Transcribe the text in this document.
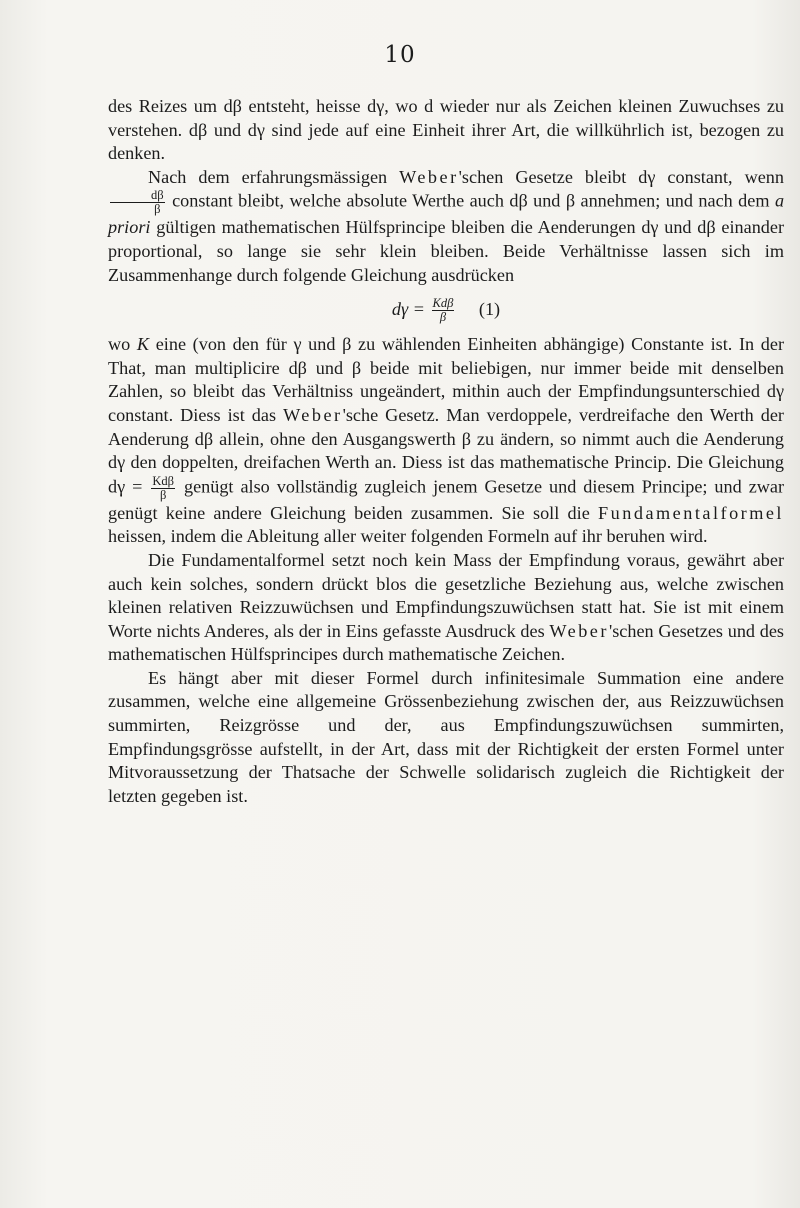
10

des Reizes um dβ entsteht, heisse dγ, wo d wieder nur als Zeichen kleinen Zuwuchses zu verstehen. dβ und dγ sind jede auf eine Einheit ihrer Art, die willkührlich ist, bezogen zu denken.

Nach dem erfahrungsmässigen Weber'schen Gesetze bleibt dγ constant, wenn
$\frac{d\beta}{\beta}$ constant bleibt, welche absolute Werthe auch dβ und β annehmen; und nach dem a priori gültigen mathematischen Hülfsprincipe bleiben die Aenderungen dγ und dβ einander proportional, so lange sie sehr klein bleiben. Beide Verhältnisse lassen sich im Zusammenhange durch folgende Gleichung ausdrücken

$d\gamma = \frac{\text{Kdβ}}{\beta} (1)$

wo K eine (von den für γ und β zu wählenden Einheiten abhängige) Constante ist. In der That, man multiplicire dβ und β beide mit beliebigen, nur immer beide mit denselben Zahlen, so bleibt das Verhältniss ungeändert, mithin auch der Empfindungsunterschied dγ constant. Diess ist das Weber'sche Gesetz. Man verdoppele, verdreifache den Werth der Aenderung dβ allein, ohne den Ausgangswerth β zu ändern, so nimmt auch die Aenderung dγ den doppelten, dreifachen Werth an. Diess ist das mathematische Princip. Die Gleichung $d\gamma = \frac{\text{Kdβ}}{\beta}$ genügt also vollständig zugleich jenem Gesetze und diesem Principe; und zwar genügt keine andere Gleichung beiden zusammen. Sie soll die Fundamentalformel heissen, indem die Ableitung aller weiter folgenden Formeln auf ihr beruhen wird.

Die Fundamentalformel setzt noch kein Mass der Empfindung voraus, gewährt aber auch kein solches, sondern drückt blos die gesetzliche Beziehung aus, welche zwischen kleinen relativen Reizzuwüchsen und Empfindungszuwüchsen statt hat. Sie ist mit einem Worte nichts Anderes, als der in Eins gefasste Ausdruck des Weber'schen Gesetzes und des mathematischen Hülfsprincipes durch mathematische Zeichen.

Es hängt aber mit dieser Formel durch infinitesimale Summation eine andere zusammen, welche eine allgemeine Grössenbeziehung zwischen der, aus Reizzuwüchsen summirten, Reizgrösse und der, aus Empfindungszuwüchsen summirten, Empfindungsgrösse aufstellt, in der Art, dass mit der Richtigkeit der ersten Formel unter Mitvoraussetzung der Thatsache der Schwelle solidarisch zugleich die Richtigkeit der letzten gegeben ist.
